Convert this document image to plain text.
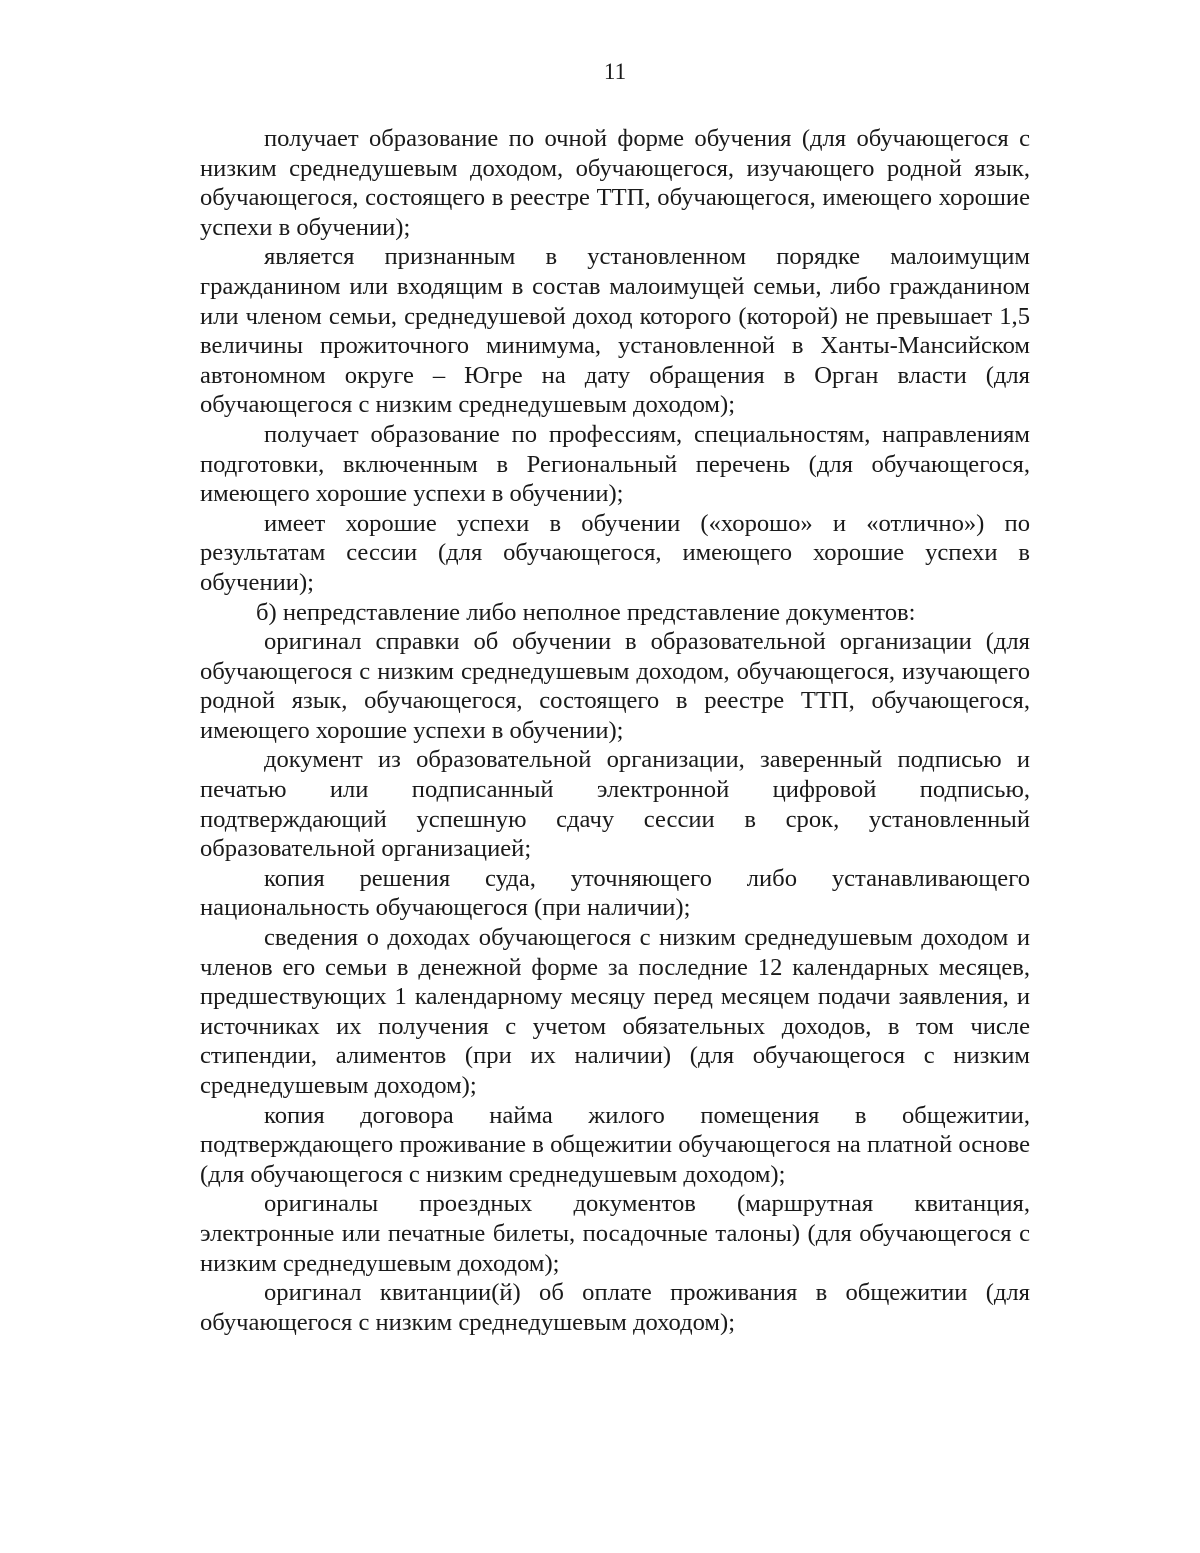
11

получает образование по очной форме обучения (для обучающегося с низким среднедушевым доходом, обучающегося, изучающего родной язык, обучающегося, состоящего в реестре ТТП, обучающегося, имеющего хорошие успехи в обучении);

является признанным в установленном порядке малоимущим гражданином или входящим в состав малоимущей семьи, либо гражданином или членом семьи, среднедушевой доход которого (которой) не превышает 1,5 величины прожиточного минимума, установленной в Ханты-Мансийском автономном округе – Югре на дату обращения в Орган власти (для обучающегося с низким среднедушевым доходом);

получает образование по профессиям, специальностям, направлениям подготовки, включенным в Региональный перечень (для обучающегося, имеющего хорошие успехи в обучении);

имеет хорошие успехи в обучении («хорошо» и «отлично») по результатам сессии (для обучающегося, имеющего хорошие успехи в обучении);

б) непредставление либо неполное представление документов:

оригинал справки об обучении в образовательной организации (для обучающегося с низким среднедушевым доходом, обучающегося, изучающего родной язык, обучающегося, состоящего в реестре ТТП, обучающегося, имеющего хорошие успехи в обучении);

документ из образовательной организации, заверенный подписью и печатью или подписанный электронной цифровой подписью, подтверждающий успешную сдачу сессии в срок, установленный образовательной организацией;

копия решения суда, уточняющего либо устанавливающего национальность обучающегося (при наличии);

сведения о доходах обучающегося с низким среднедушевым доходом и членов его семьи в денежной форме за последние 12 календарных месяцев, предшествующих 1 календарному месяцу перед месяцем подачи заявления, и источниках их получения с учетом обязательных доходов, в том числе стипендии, алиментов (при их наличии) (для обучающегося с низким среднедушевым доходом);

копия договора найма жилого помещения в общежитии, подтверждающего проживание в общежитии обучающегося на платной основе (для обучающегося с низким среднедушевым доходом);

оригиналы проездных документов (маршрутная квитанция, электронные или печатные билеты, посадочные талоны) (для обучающегося с низким среднедушевым доходом);

оригинал квитанции(й) об оплате проживания в общежитии (для обучающегося с низким среднедушевым доходом);
